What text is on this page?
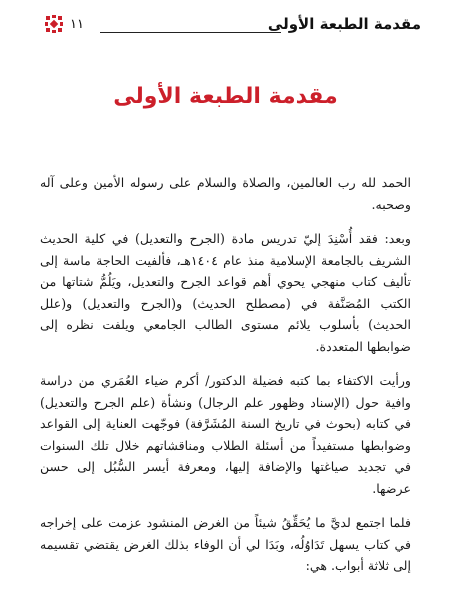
مقدمة الطبعة الأولى
١١
مقدمة الطبعة الأولى

الحمد لله رب العالمين، والصلاة والسلام على رسوله الأمين وعلى آله وصحبه.

وبعد: فقد أُسْنِدَ إليّ تدريس مادة (الجرح والتعديل) في كلية الحديث الشريف بالجامعة الإسلامية منذ عام ١٤٠٤هـ، فألفيت الحاجة ماسة إلى تأليف كتاب منهجي يحوي أهم قواعد الجرح والتعديل، ويَلُمُّ شتاتها من الكتب المُصَنَّفة في (مصطلح الحديث) و(الجرح والتعديل) و(علل الحديث) بأسلوب يلائم مستوى الطالب الجامعي ويلفت نظره إلى ضوابطها المتعددة.

ورأيت الاكتفاء بما كتبه فضيلة الدكتور/ أكرم ضياء العُمَري من دراسة وافية حول (الإسناد وظهور علم الرجال) ونشأة (علم الجرح والتعديل) في كتابه (بحوث في تاريخ السنة المُشَرَّفة) فوجّهت العناية إلى القواعد وضوابطها مستفيداً من أسئلة الطلاب ومناقشاتهم خلال تلك السنوات في تجديد صياغتها والإضافة إليها، ومعرفة أيسر السُّبُل إلى حسن عرضها.

فلما اجتمع لديَّ ما يُحَقِّقُ شيئاً من الغرض المنشود عزمت على إخراجه في كتاب يسهل تَدَاوُلُه، وبَدَا لي أن الوفاء بذلك الغرض يقتضي تقسيمه إلى ثلاثة أبواب. هي:
